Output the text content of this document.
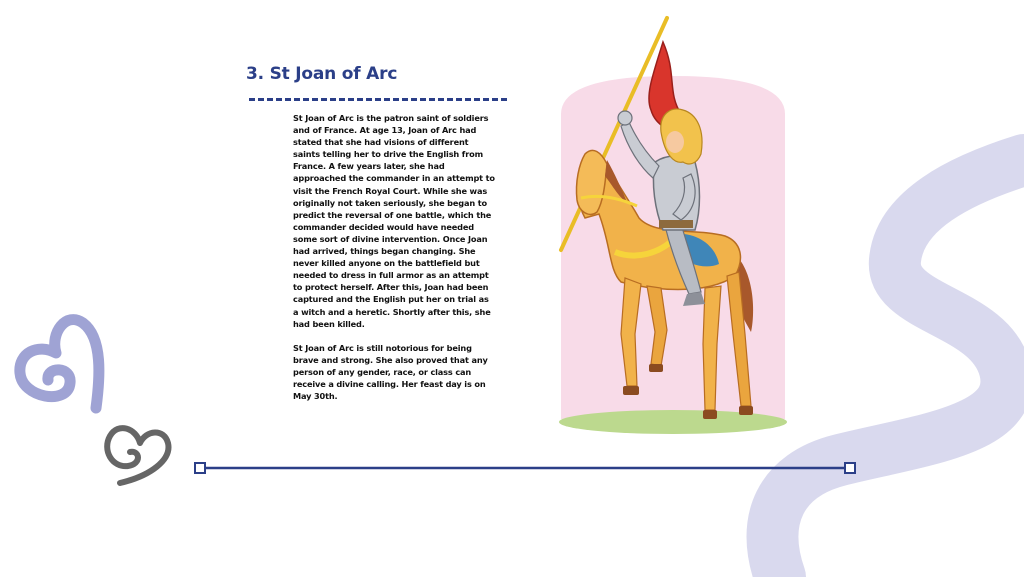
3. St Joan of Arc

St Joan of Arc is the patron saint of soldiers and of France. At age 13, Joan of Arc had stated that she had visions of different saints telling her to drive the English from France. A few years later, she had approached the commander in an attempt to visit the French Royal Court. While she was originally not taken seriously, she began to predict the reversal of one battle, which the commander decided would have needed some sort of divine intervention. Once Joan had arrived, things began changing. She never killed anyone on the battlefield but needed to dress in full armor as an attempt to protect herself. After this, Joan had been captured and the English put her on trial as a witch and a heretic. Shortly after this, she had been killed.

St Joan of Arc is still notorious for being brave and strong. She also proved that any person of any gender, race, or class can receive a divine calling. Her feast day is on May 30th.
